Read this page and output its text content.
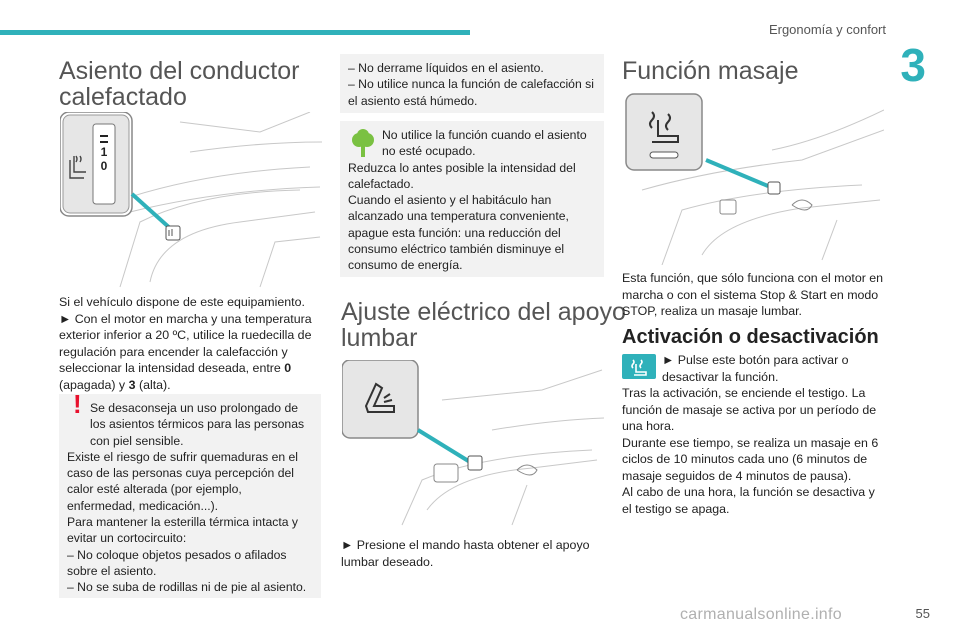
Ergonomía y confort
3
Asiento del conductor
calefactado
1
0

Si el vehículo dispone de este equipamiento.

► Con el motor en marcha y una temperatura exterior inferior a 20 ºC, utilice la ruedecilla de regulación para encender la calefacción y seleccionar la intensidad deseada, entre 0 (apagada) y 3 (alta).

! Se desaconseja un uso prolongado de los asientos térmicos para las personas con piel sensible.

Existe el riesgo de sufrir quemaduras en el caso de las personas cuya percepción del calor esté alterada (por ejemplo, enfermedad, medicación...).

Para mantener la esterilla térmica intacta y evitar un cortocircuito:

– No coloque objetos pesados o afilados sobre el asiento.

– No se suba de rodillas ni de pie al asiento.

– No derrame líquidos en el asiento.

– No utilice nunca la función de calefacción si el asiento está húmedo.

No utilice la función cuando el asiento no esté ocupado.

Reduzca lo antes posible la intensidad del calefactado.

Cuando el asiento y el habitáculo han alcanzado una temperatura conveniente, apague esta función: una reducción del consumo eléctrico también disminuye el consumo de energía.

Ajuste eléctrico del apoyo
lumbar
► Presione el mando hasta obtener el apoyo lumbar deseado.
Función masaje
Esta función, que sólo funciona con el motor en marcha o con el sistema Stop & Start en modo STOP, realiza un masaje lumbar.
Activación o desactivación

► Pulse este botón para activar o desactivar la función.

Tras la activación, se enciende el testigo. La función de masaje se activa por un período de una hora.

Durante ese tiempo, se realiza un masaje en 6 ciclos de 10 minutos cada uno (6 minutos de masaje seguidos de 4 minutos de pausa).

Al cabo de una hora, la función se desactiva y el testigo se apaga.

carmanualsonline.info	55
